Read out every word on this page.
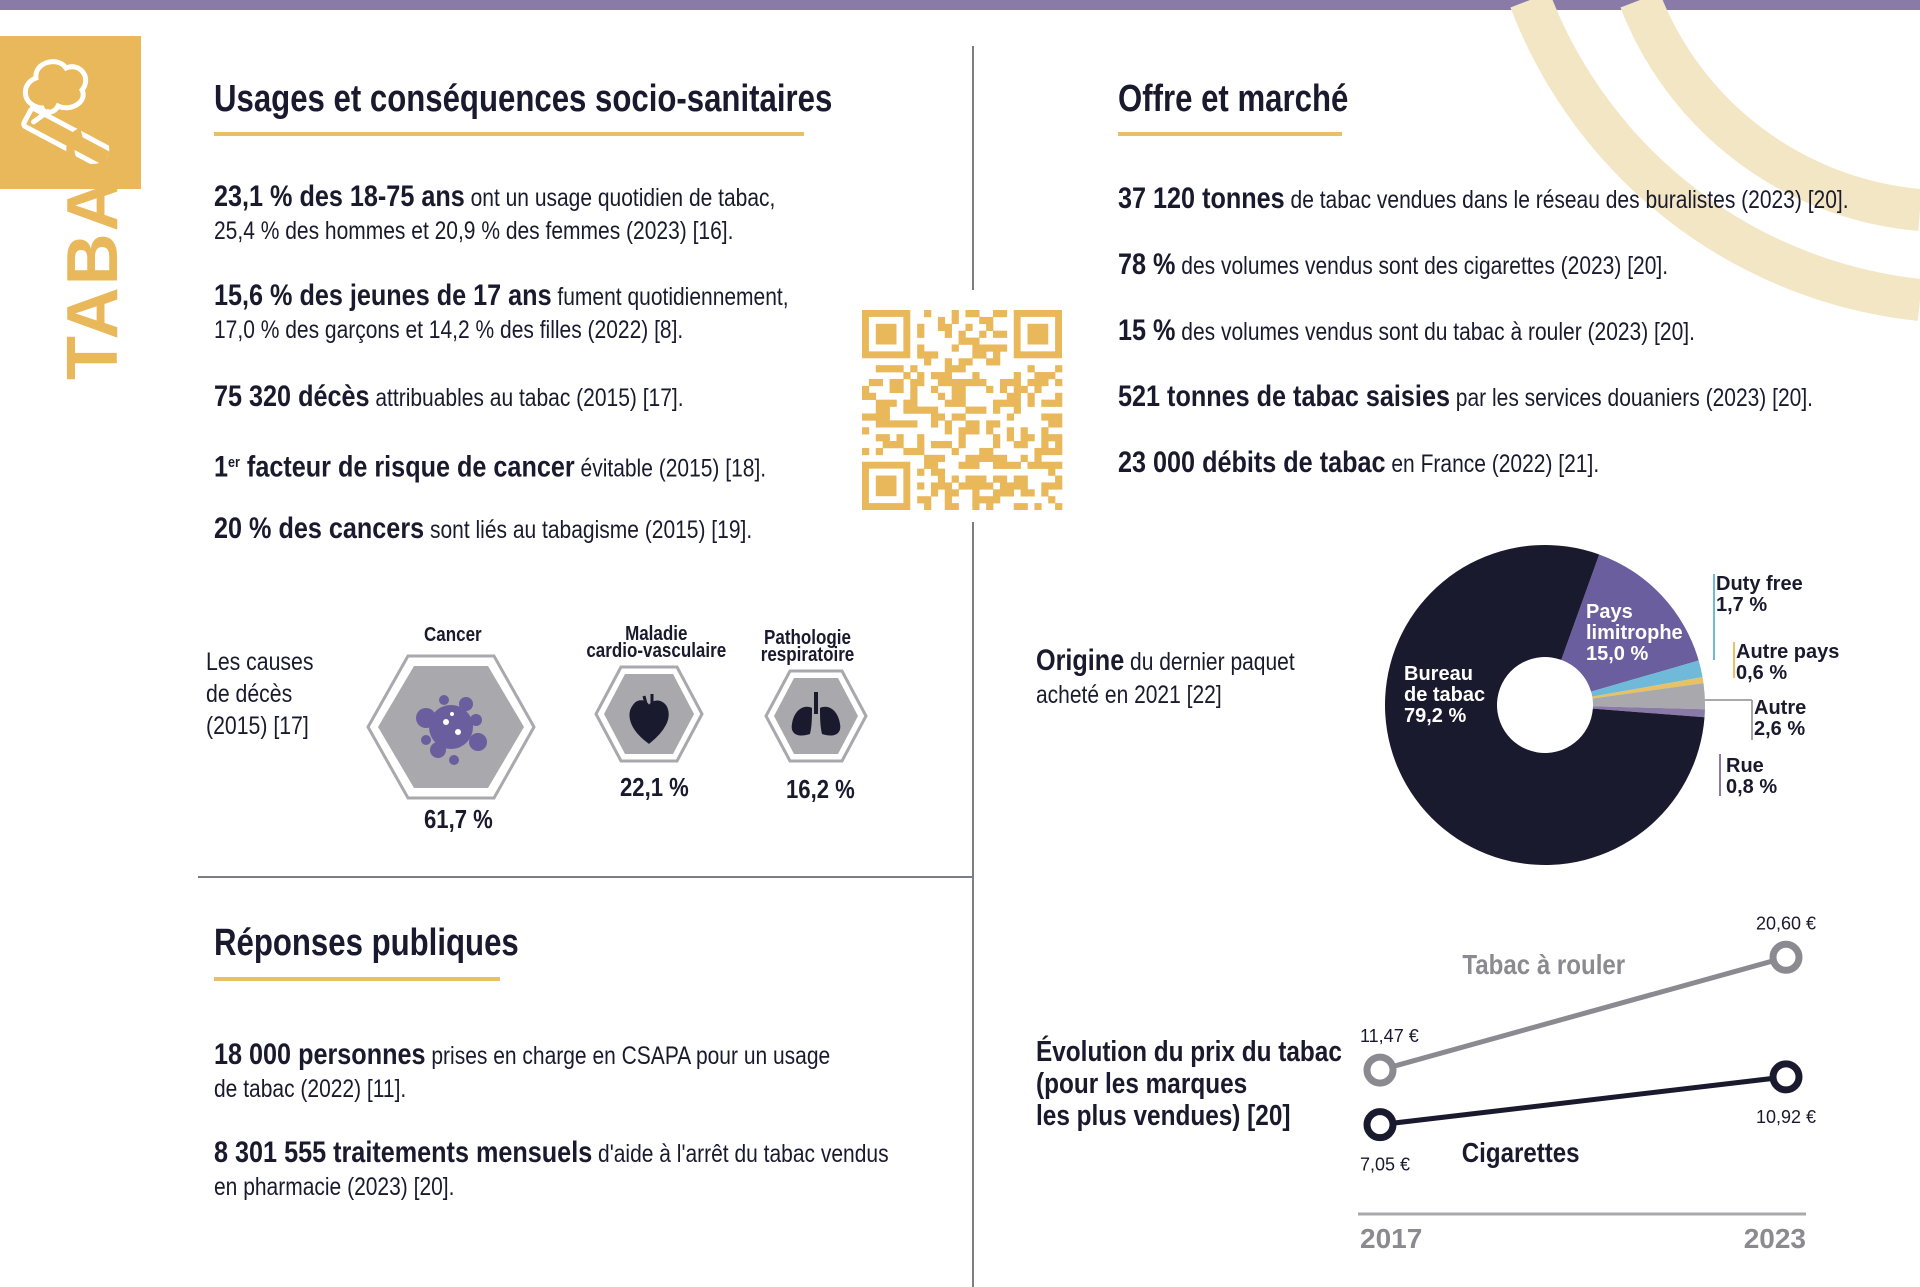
TABAC
Usages et conséquences socio-sanitaires
23,1 % des 18-75 ans ont un usage quotidien de tabac,
25,4 % des hommes et 20,9 % des femmes (2023) [16].
15,6 % des jeunes de 17 ans fument quotidiennement,
17,0 % des garçons et 14,2 % des filles (2022) [8].
75 320 décès attribuables au tabac (2015) [17].
1er facteur de risque de cancer évitable (2015) [18].
20 % des cancers sont liés au tabagisme (2015) [19].
Les causes
de décès
(2015) [17]
Cancer
61,7 %
Maladie
cardio-vasculaire
22,1 %
Pathologie
respiratoire
16,2 %
Offre et marché
37 120 tonnes de tabac vendues dans le réseau des buralistes (2023) [20].
78 % des volumes vendus sont des cigarettes (2023) [20].
15 % des volumes vendus sont du tabac à rouler (2023) [20].
521 tonnes de tabac saisies par les services douaniers (2023) [20].
23 000 débits de tabac en France (2022) [21].
Origine du dernier paquet
acheté en 2021 [22]
Bureau
de tabac
79,2 %
Pays
limitrophe
15,0 %
Duty free
1,7 %
Autre pays
0,6 %
Autre
2,6 %
Rue
0,8 %
Réponses publiques
18 000 personnes prises en charge en CSAPA pour un usage
de tabac (2022) [11].
8 301 555 traitements mensuels d'aide à l'arrêt du tabac vendus
en pharmacie (2023) [20].
Évolution du prix du tabac
(pour les marques
les plus vendues) [20]
2017	2023
11,47 €
20,60 €
Tabac à rouler
7,05 €
10,92 €
Cigarettes
